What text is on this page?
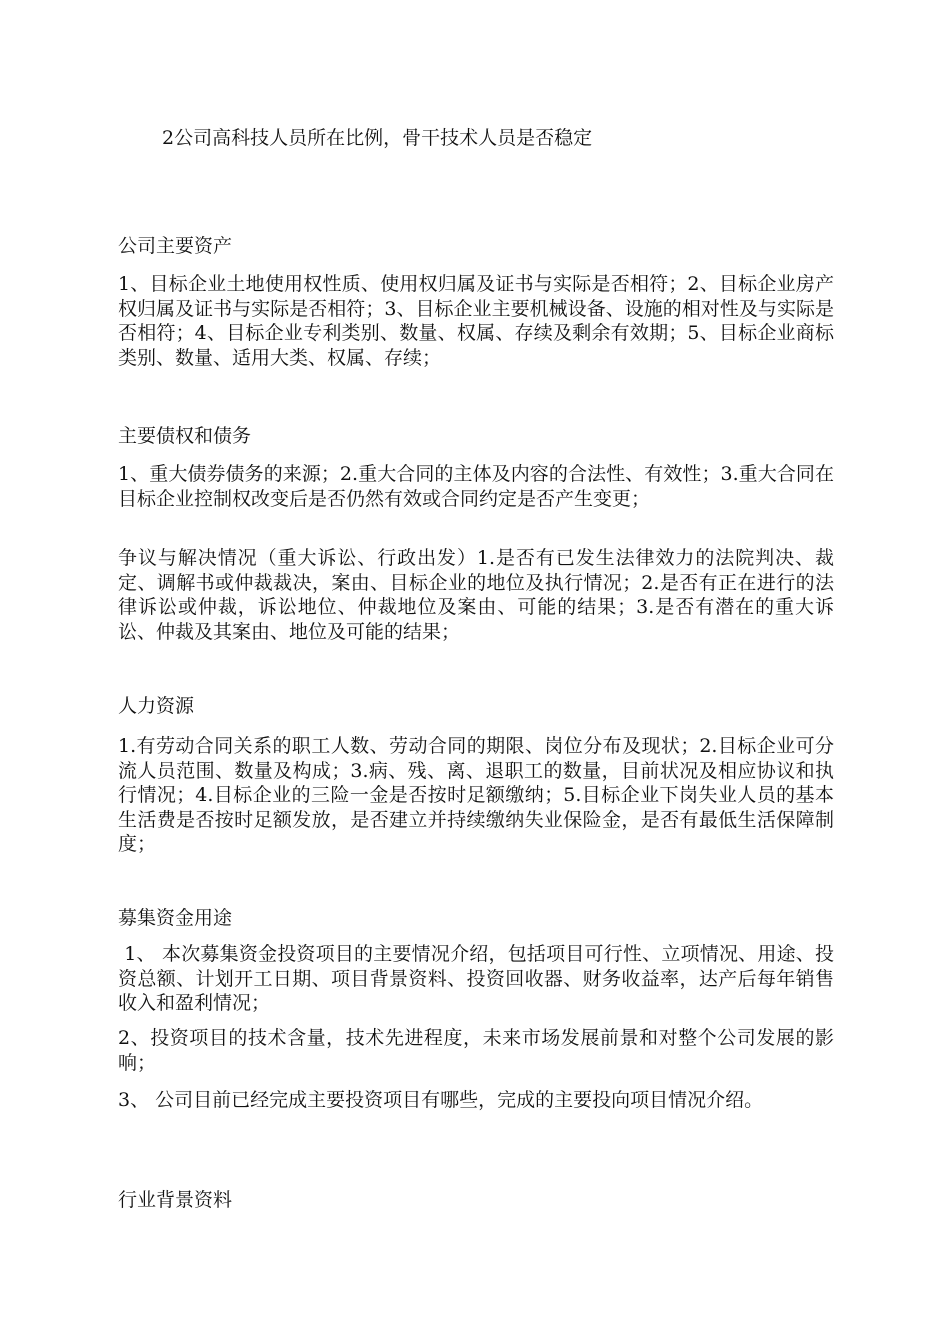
2公司高科技人员所在比例，骨干技术人员是否稳定
公司主要资产
1、目标企业土地使用权性质、使用权归属及证书与实际是否相符；2、目标企业房产权归属及证书与实际是否相符；3、目标企业主要机械设备、设施的相对性及与实际是否相符；4、目标企业专利类别、数量、权属、存续及剩余有效期；5、目标企业商标类别、数量、适用大类、权属、存续；
主要债权和债务
1、重大债券债务的来源；2.重大合同的主体及内容的合法性、有效性；3.重大合同在目标企业控制权改变后是否仍然有效或合同约定是否产生变更；
争议与解决情况（重大诉讼、行政出发）1.是否有已发生法律效力的法院判决、裁定、调解书或仲裁裁决，案由、目标企业的地位及执行情况；2.是否有正在进行的法律诉讼或仲裁，诉讼地位、仲裁地位及案由、可能的结果；3.是否有潜在的重大诉讼、仲裁及其案由、地位及可能的结果；
人力资源
1.有劳动合同关系的职工人数、劳动合同的期限、岗位分布及现状；2.目标企业可分流人员范围、数量及构成；3.病、残、离、退职工的数量，目前状况及相应协议和执行情况；4.目标企业的三险一金是否按时足额缴纳；5.目标企业下岗失业人员的基本生活费是否按时足额发放，是否建立并持续缴纳失业保险金，是否有最低生活保障制度；
募集资金用途
1、 本次募集资金投资项目的主要情况介绍，包括项目可行性、立项情况、用途、投资总额、计划开工日期、项目背景资料、投资回收器、财务收益率，达产后每年销售收入和盈利情况；
2、投资项目的技术含量，技术先进程度，未来市场发展前景和对整个公司发展的影响；
3、 公司目前已经完成主要投资项目有哪些，完成的主要投向项目情况介绍。
行业背景资料
